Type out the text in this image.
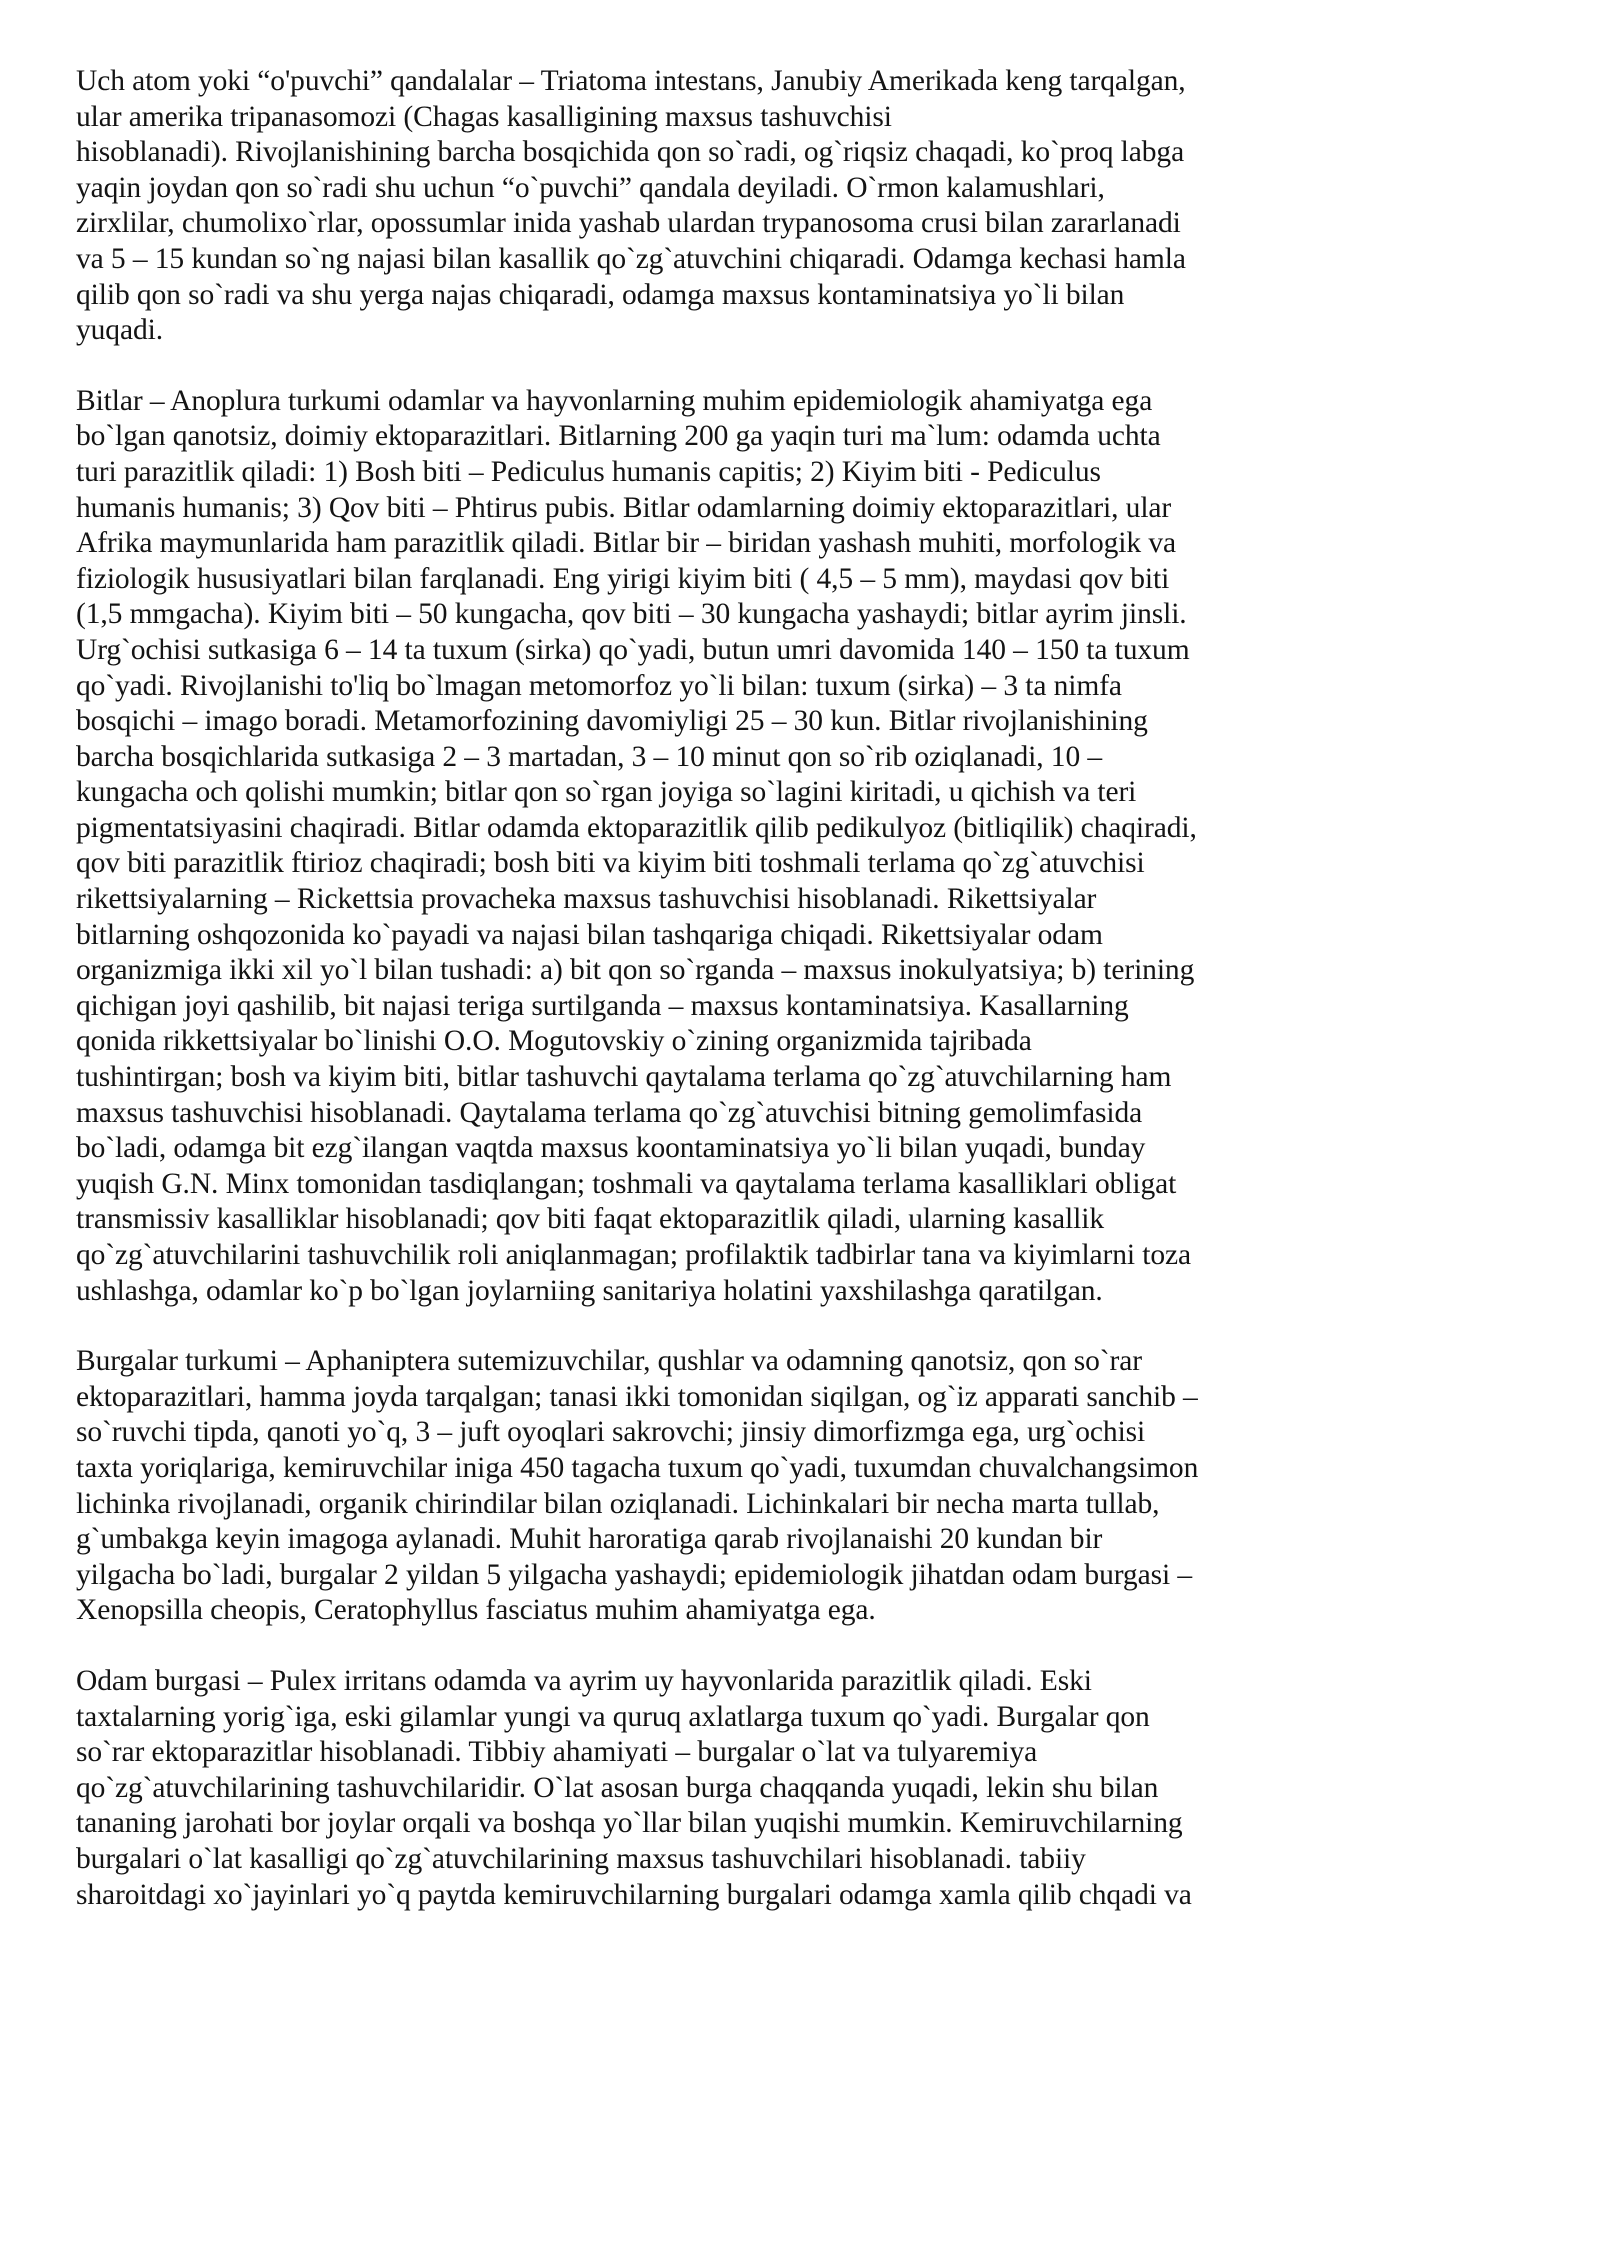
Uch atom yoki “o'puvchi” qandalalar – Triatoma intestans, Janubiy Amerikada keng tarqalgan,
ular amerika tripanasomozi (Chagas kasalligining maxsus tashuvchisi
hisoblanadi). Rivojlanishining barcha bosqichida qon so`radi, og`riqsiz chaqadi, ko`proq labga
yaqin joydan qon so`radi shu uchun “o`puvchi” qandala deyiladi. O`rmon kalamushlari,
zirxlilar, chumolixo`rlar, opossumlar inida yashab ulardan trypanosoma crusi bilan zararlanadi
va 5 – 15 kundan so`ng najasi bilan kasallik qo`zg`atuvchini chiqaradi. Odamga kechasi hamla
qilib qon so`radi va shu yerga najas chiqaradi, odamga maxsus kontaminatsiya yo`li bilan
yuqadi.

Bitlar – Anoplura turkumi odamlar va hayvonlarning muhim epidemiologik ahamiyatga ega
bo`lgan qanotsiz, doimiy ektoparazitlari. Bitlarning 200 ga yaqin turi ma`lum: odamda uchta
turi parazitlik qiladi: 1) Bosh biti – Pediculus humanis capitis; 2) Kiyim biti - Pediculus
humanis humanis; 3) Qov biti – Phtirus pubis. Bitlar odamlarning doimiy ektoparazitlari, ular
Afrika maymunlarida ham parazitlik qiladi. Bitlar bir – biridan yashash muhiti, morfologik va
fiziologik hususiyatlari bilan farqlanadi. Eng yirigi kiyim biti ( 4,5 – 5 mm), maydasi qov biti
(1,5 mmgacha). Kiyim biti – 50 kungacha, qov biti – 30 kungacha yashaydi; bitlar ayrim jinsli.
Urg`ochisi sutkasiga 6 – 14 ta tuxum (sirka) qo`yadi, butun umri davomida 140 – 150 ta tuxum
qo`yadi. Rivojlanishi to'liq bo`lmagan metomorfoz yo`li bilan: tuxum (sirka) – 3 ta nimfa
bosqichi – imago boradi. Metamorfozining davomiyligi 25 – 30 kun. Bitlar rivojlanishining
barcha bosqichlarida sutkasiga 2 – 3 martadan, 3 – 10 minut qon so`rib oziqlanadi, 10 –
kungacha och qolishi mumkin; bitlar qon so`rgan joyiga so`lagini kiritadi, u qichish va teri
pigmentatsiyasini chaqiradi. Bitlar odamda ektoparazitlik qilib pedikulyoz (bitliqilik) chaqiradi,
qov biti parazitlik ftirioz chaqiradi; bosh biti va kiyim biti toshmali terlama qo`zg`atuvchisi
rikettsiyalarning – Rickettsia provacheka maxsus tashuvchisi hisoblanadi. Rikettsiyalar
bitlarning oshqozonida ko`payadi va najasi bilan tashqariga chiqadi. Rikettsiyalar odam
organizmiga ikki xil yo`l bilan tushadi: a) bit qon so`rganda – maxsus inokulyatsiya; b) terining
qichigan joyi qashilib, bit najasi teriga surtilganda – maxsus kontaminatsiya. Kasallarning
qonida rikkettsiyalar bo`linishi O.O. Mogutovskiy o`zining organizmida tajribada
tushintirgan; bosh va kiyim biti, bitlar tashuvchi qaytalama terlama qo`zg`atuvchilarning ham
maxsus tashuvchisi hisoblanadi. Qaytalama terlama qo`zg`atuvchisi bitning gemolimfasida
bo`ladi, odamga bit ezg`ilangan vaqtda maxsus koontaminatsiya yo`li bilan yuqadi, bunday
yuqish G.N. Minx tomonidan tasdiqlangan; toshmali va qaytalama terlama kasalliklari obligat
transmissiv kasalliklar hisoblanadi; qov biti faqat ektoparazitlik qiladi, ularning kasallik
qo`zg`atuvchilarini tashuvchilik roli aniqlanmagan; profilaktik tadbirlar tana va kiyimlarni toza
ushlashga, odamlar ko`p bo`lgan joylarniing sanitariya holatini yaxshilashga qaratilgan.

Burgalar turkumi – Aphaniptera sutemizuvchilar, qushlar va odamning qanotsiz, qon so`rar
ektoparazitlari, hamma joyda tarqalgan; tanasi ikki tomonidan siqilgan, og`iz apparati sanchib –
so`ruvchi tipda, qanoti yo`q, 3 – juft oyoqlari sakrovchi; jinsiy dimorfizmga ega, urg`ochisi
taxta yoriqlariga, kemiruvchilar iniga 450 tagacha tuxum qo`yadi, tuxumdan chuvalchangsimon
lichinka rivojlanadi, organik chirindilar bilan oziqlanadi. Lichinkalari bir necha marta tullab,
g`umbakga keyin imagoga aylanadi. Muhit haroratiga qarab rivojlanaishi 20 kundan bir
yilgacha bo`ladi, burgalar 2 yildan 5 yilgacha yashaydi; epidemiologik jihatdan odam burgasi –
Xenopsilla cheopis, Ceratophyllus fasciatus muhim ahamiyatga ega.

Odam burgasi – Pulex irritans odamda va ayrim uy hayvonlarida parazitlik qiladi. Eski
taxtalarning yorig`iga, eski gilamlar yungi va quruq axlatlarga tuxum qo`yadi. Burgalar qon
so`rar ektoparazitlar hisoblanadi. Tibbiy ahamiyati – burgalar o`lat va tulyaremiya
qo`zg`atuvchilarining tashuvchilaridir. O`lat asosan burga chaqqanda yuqadi, lekin shu bilan
tananing jarohati bor joylar orqali va boshqa yo`llar bilan yuqishi mumkin. Kemiruvchilarning
burgalari o`lat kasalligi qo`zg`atuvchilarining maxsus tashuvchilari hisoblanadi. tabiiy
sharoitdagi xo`jayinlari yo`q paytda kemiruvchilarning burgalari odamga xamla qilib chqadi va
